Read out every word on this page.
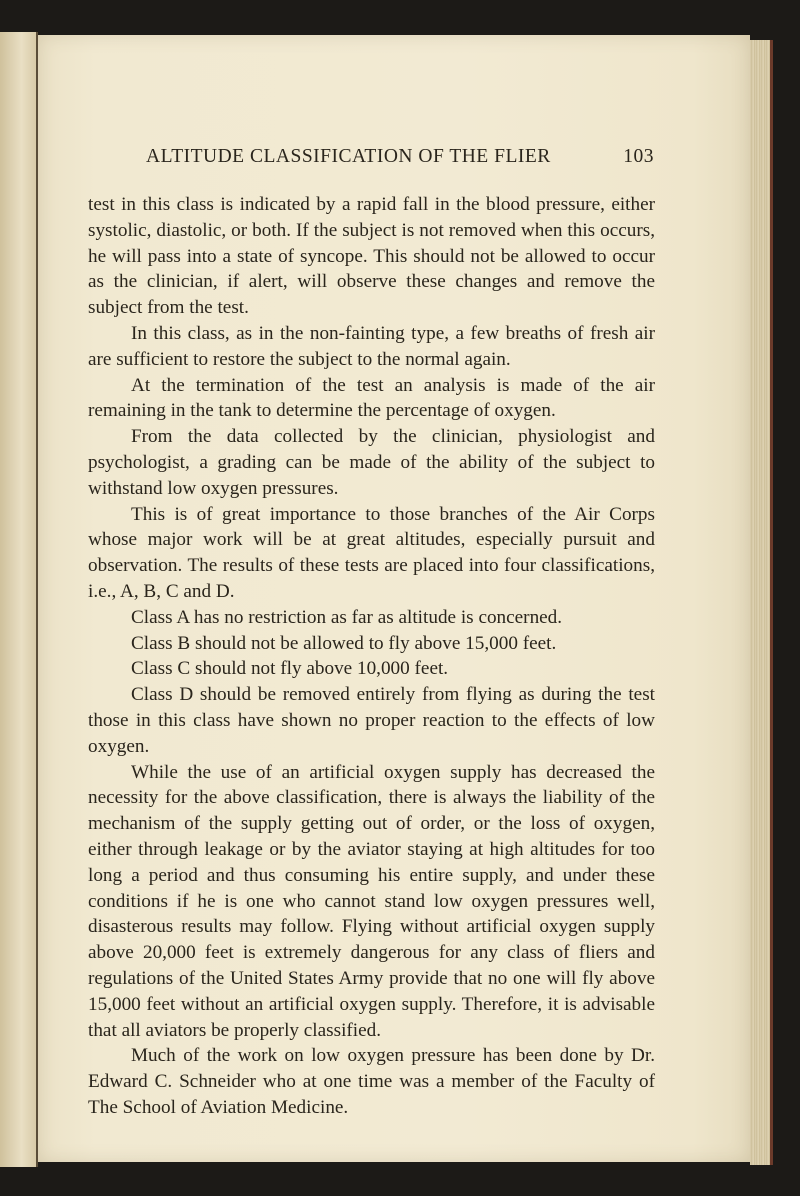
ALTITUDE CLASSIFICATION OF THE FLIER	103

test in this class is indicated by a rapid fall in the blood pressure, either systolic, diastolic, or both. If the subject is not removed when this occurs, he will pass into a state of syncope. This should not be allowed to occur as the clinician, if alert, will observe these changes and remove the subject from the test.

In this class, as in the non-fainting type, a few breaths of fresh air are sufficient to restore the subject to the normal again.

At the termination of the test an analysis is made of the air remaining in the tank to determine the percentage of oxygen.

From the data collected by the clinician, physiologist and psychologist, a grading can be made of the ability of the subject to withstand low oxygen pressures.

This is of great importance to those branches of the Air Corps whose major work will be at great altitudes, especially pursuit and observation. The results of these tests are placed into four classifications, i.e., A, B, C and D.

Class A has no restriction as far as altitude is concerned.

Class B should not be allowed to fly above 15,000 feet.

Class C should not fly above 10,000 feet.

Class D should be removed entirely from flying as during the test those in this class have shown no proper reaction to the effects of low oxygen.

While the use of an artificial oxygen supply has decreased the necessity for the above classification, there is always the liability of the mechanism of the supply getting out of order, or the loss of oxygen, either through leakage or by the aviator staying at high altitudes for too long a period and thus consuming his entire supply, and under these conditions if he is one who cannot stand low oxygen pressures well, disasterous results may follow. Flying without artificial oxygen supply above 20,000 feet is extremely dangerous for any class of fliers and regulations of the United States Army provide that no one will fly above 15,000 feet without an artificial oxygen supply. Therefore, it is advisable that all aviators be properly classified.

Much of the work on low oxygen pressure has been done by Dr. Edward C. Schneider who at one time was a member of the Faculty of The School of Aviation Medicine.
